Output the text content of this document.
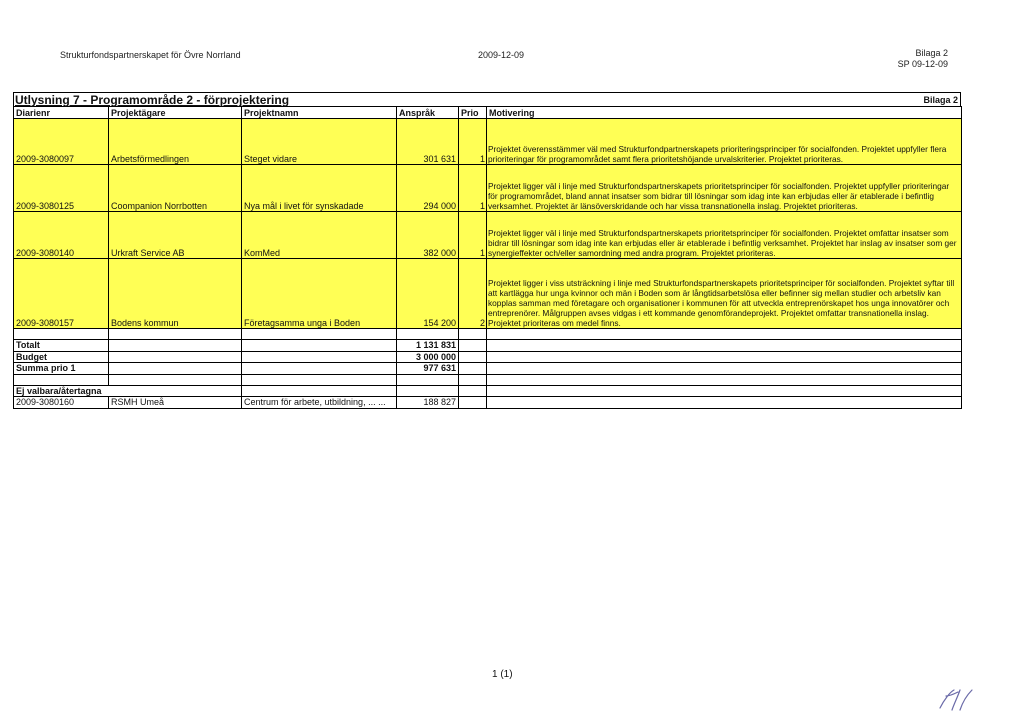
Strukturfondspartnerskapet för Övre Norrland	2009-12-09	Bilaga 2
SP 09-12-09
Utlysning 7 - Programområde 2 - förprojektering	Bilaga 2
Diarienr	Projektägare	Projektnamn	Anspråk	Prio	Motivering
2009-3080097	Arbetsförmedlingen	Steget vidare	301 631	1	Projektet överensstämmer väl med Strukturfondpartnerskapets prioriteringsprinciper för socialfonden. Projektet uppfyller flera prioriteringar för programområdet samt flera prioritetshöjande urvalskriterier. Projektet prioriteras.
2009-3080125	Coompanion Norrbotten	Nya mål i livet för synskadade	294 000	1	Projektet ligger väl i linje med Strukturfondspartnerskapets prioritetsprinciper för socialfonden. Projektet uppfyller prioriteringar för programområdet, bland annat insatser som bidrar till lösningar som idag inte kan erbjudas eller är etablerade i befintlig verksamhet. Projektet är länsöverskridande och har vissa transnationella inslag. Projektet prioriteras.
2009-3080140	Urkraft Service AB	KomMed	382 000	1	Projektet ligger väl i linje med Strukturfondspartnerskapets prioritetsprinciper för socialfonden. Projektet omfattar insatser som bidrar till lösningar som idag inte kan erbjudas eller är etablerade i befintlig verksamhet. Projektet har inslag av insatser som ger synergieffekter och/eller samordning med andra program. Projektet prioriteras.
2009-3080157	Bodens kommun	Företagsamma unga i Boden	154 200	2	Projektet ligger i viss utsträckning i linje med Strukturfondspartnerskapets prioritetsprinciper för socialfonden. Projektet syftar till att kartlägga hur unga kvinnor och män i Boden som är långtidsarbetslösa eller befinner sig mellan studier och arbetsliv kan kopplas samman med företagare och organisationer i kommunen för att utveckla entreprenörskapet hos unga innovatörer och entreprenörer. Målgruppen avses vidgas i ett kommande genomförandeprojekt. Projektet omfattar transnationella inslag. Projektet prioriteras om medel finns.

Totalt			1 131 831		
Budget			3 000 000		
Summa prio 1			977 631		

Ej valbara/återtagna					
2009-3080160	RSMH Umeå	Centrum för arbete, utbildning, ... ...	188 827		
1 (1)
